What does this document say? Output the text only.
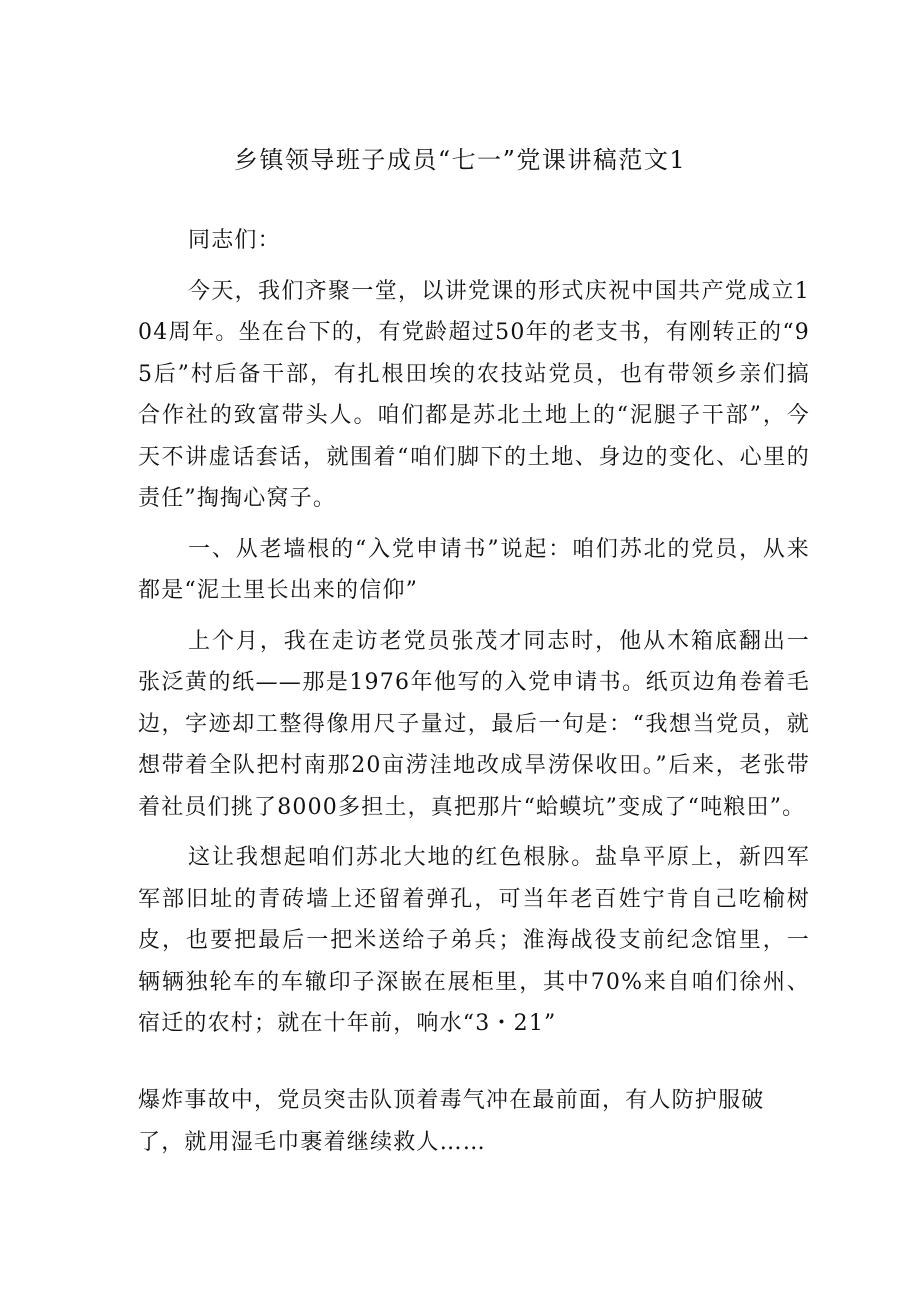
乡镇领导班子成员“七一”党课讲稿范文1

同志们：

今天，我们齐聚一堂，以讲党课的形式庆祝中国共产党成立104周年。坐在台下的，有党龄超过50年的老支书，有刚转正的“95后”村后备干部，有扎根田埃的农技站党员，也有带领乡亲们搞合作社的致富带头人。咱们都是苏北土地上的“泥腿子干部”，今天不讲虚话套话，就围着“咱们脚下的土地、身边的变化、心里的责任”掏掏心窝子。

一、从老墙根的“入党申请书”说起：咱们苏北的党员，从来都是“泥土里长出来的信仰”

上个月，我在走访老党员张茂才同志时，他从木箱底翻出一张泛黄的纸——那是1976年他写的入党申请书。纸页边角卷着毛边，字迹却工整得像用尺子量过，最后一句是：“我想当党员，就想带着全队把村南那20亩涝洼地改成旱涝保收田。”后来，老张带着社员们挑了8000多担土，真把那片“蛤蟆坑”变成了“吨粮田”。

这让我想起咱们苏北大地的红色根脉。盐阜平原上，新四军军部旧址的青砖墙上还留着弹孔，可当年老百姓宁肯自己吃榆树皮，也要把最后一把米送给子弟兵；淮海战役支前纪念馆里，一辆辆独轮车的车辙印子深嵌在展柜里，其中70%来自咱们徐州、宿迁的农村；就在十年前，响水“3・21”

爆炸事故中，党员突击队顶着毒气冲在最前面，有人防护服破了，就用湿毛巾裹着继续救人……
